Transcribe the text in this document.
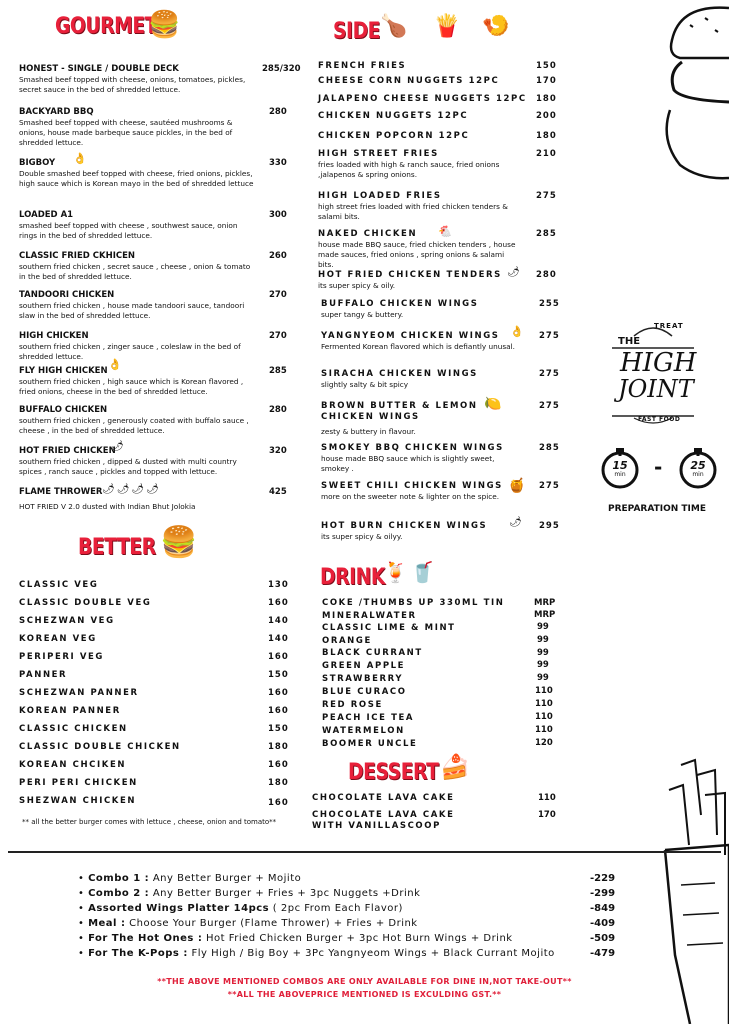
GOURMET
🍔	SIDE 🍗 🍟 🍤
BETTER 🍔
DRINK
🍹 🥤
DESSERT 🍰
HONEST - SINGLE / DOUBLE DECK
Smashed beef topped with cheese, onions, tomatoes, pickles, secret sauce in the bed of shredded lettuce.
285/320
BACKYARD BBQ
Smashed beef topped with cheese, sautéed mushrooms & onions, house made barbeque sauce pickles, in the bed of shredded lettuce.
280
BIGBOY
Double smashed beef topped with cheese, fried onions, pickles, high sauce which is Korean mayo in the bed of shredded lettuce
330
👌
LOADED A1
smashed beef topped with cheese , southwest sauce, onion rings in the bed of shredded lettuce.
300
CLASSIC FRIED CKHICEN
southern fried chicken , secret sauce , cheese , onion & tomato in the bed of shredded lettuce.
260
TANDOORI CHICKEN
southern fried chicken , house made tandoori sauce, tandoori slaw in the bed of shredded lettuce.
270
HIGH CHICKEN
southern fried chicken , zinger sauce , coleslaw in the bed of shredded lettuce.
270
FLY HIGH CHICKEN
southern fried chicken , high sauce which is Korean flavored , fried onions, cheese in the bed of shredded lettuce.
285
👌
BUFFALO CHICKEN
southern fried chicken , generously coated with buffalo sauce , cheese , in the bed of shredded lettuce.
280
HOT FRIED CHICKEN
southern fried chicken , dipped & dusted with multi country spices , ranch sauce , pickles and topped with lettuce.
320
🌶
FLAME THROWER
HOT FRIED V 2.0 dusted with Indian Bhut Jolokia
425
🌶🌶🌶🌶
FRENCH FRIES	150
CHEESE CORN NUGGETS 12PC	170
JALAPENO CHEESE NUGGETS 12PC 180
CHICKEN NUGGETS 12PC	200
CHICKEN POPCORN 12PC	180
HIGH STREET FRIES
fries loaded with high & ranch sauce, fried onions ,jalapenos & spring onions.
210
HIGH LOADED FRIES
high street fries loaded with fried chicken tenders & salami bits.
275
NAKED CHICKEN
house made BBQ sauce, fried chicken tenders , house made sauces, fried onions , spring onions & salami bits.
🐔	285
HOT FRIED CHICKEN TENDERS
its super spicy & oily.
🌶 280
BUFFALO CHICKEN WINGS
super tangy & buttery.
255
YANGNYEOM CHICKEN WINGS
Fermented Korean flavored which is defiantly unusal.
👌 275
SIRACHA CHICKEN WINGS
slightly salty & bit spicy
275
BROWN BUTTER & LEMON CHICKEN WINGS
zesty & buttery in flavour.
🍋	275
SMOKEY BBQ CHICKEN WINGS
house made BBQ sauce which is slightly sweet, smokey .
285
SWEET CHILI CHICKEN WINGS
more on the sweeter note & lighter on the spice.
🍯 275
HOT BURN CHICKEN WINGS
its super spicy & oilyy.
🌶 295
CLASSIC VEG	130
CLASSIC DOUBLE VEG	160
SCHEZWAN VEG	140
KOREAN VEG	140
PERIPERI VEG	160
PANNER	150
SCHEZWAN PANNER	160
KOREAN PANNER	160
CLASSIC CHICKEN	150
CLASSIC DOUBLE CHICKEN	180
KOREAN CHCIKEN	160
PERI PERI CHICKEN	180
SHEZWAN CHICKEN	160
** all the better burger comes with lettuce , cheese, onion and tomato**
COKE /THUMBS UP 330ML TIN	MRP
MINERALWATER	MRP
CLASSIC LIME & MINT	99
ORANGE	99
BLACK CURRANT	99
GREEN APPLE	99
STRAWBERRY	99
BLUE CURACO	110
RED ROSE	110
PEACH ICE TEA	110
WATERMELON	110
BOOMER UNCLE	120
CHOCOLATE LAVA CAKE	110
CHOCOLATE LAVA CAKE WITH VANILLASCOOP
170
TREAT
THE
HIGH
JOINT
FAST FOOD
15
min	-	25
min
PREPARATION TIME
• Combo 1 : Any Better Burger + Mojito	-229
• Combo 2 : Any Better Burger + Fries + 3pc Nuggets +Drink	-299
• Assorted Wings Platter 14pcs ( 2pc From Each Flavor)	-849
• Meal : Choose Your Burger (Flame Thrower) + Fries + Drink	-409
• For The Hot Ones : Hot Fried Chicken Burger + 3pc Hot Burn Wings + Drink	-509
• For The K-Pops : Fly High / Big Boy + 3Pc Yangnyeom Wings + Black Currant Mojito	-479
**THE ABOVE MENTIONED COMBOS ARE ONLY AVAILABLE FOR DINE IN,NOT TAKE-OUT**
**ALL THE ABOVEPRICE MENTIONED IS EXCULDING GST.**
